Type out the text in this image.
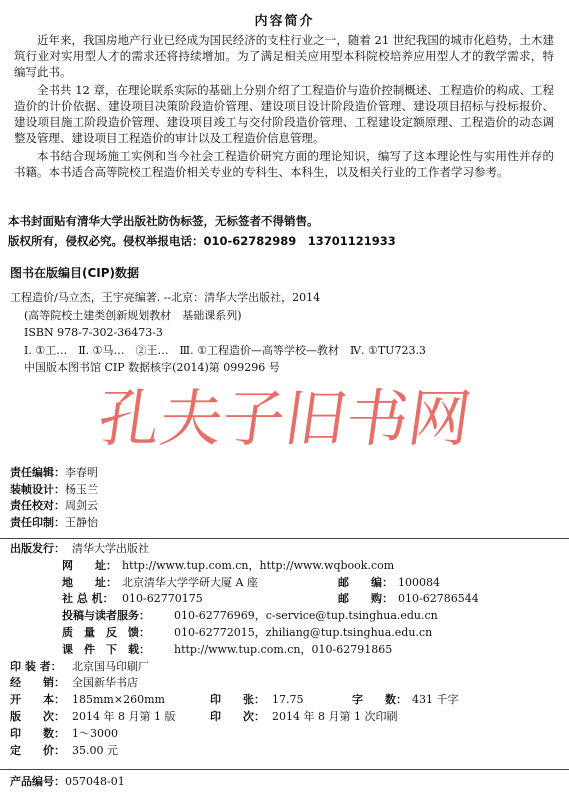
内容简介

近年来，我国房地产行业已经成为国民经济的支柱行业之一，随着 21 世纪我国的城市化趋势，土木建筑行业对实用型人才的需求还将持续增加。为了满足相关应用型本科院校培养应用型人才的教学需求，特编写此书。

全书共 12 章，在理论联系实际的基础上分别介绍了工程造价与造价控制概述、工程造价的构成、工程造价的计价依据、建设项目决策阶段造价管理、建设项目设计阶段造价管理、建设项目招标与投标报价、建设项目施工阶段造价管理、建设项目竣工与交付阶段造价管理、工程建设定额原理、工程造价的动态调整及管理、建设项目工程造价的审计以及工程造价信息管理。

本书结合现场施工实例和当今社会工程造价研究方面的理论知识，编写了这本理论性与实用性并存的书籍。本书适合高等院校工程造价相关专业的专科生、本科生，以及相关行业的工作者学习参考。

本书封面贴有清华大学出版社防伪标签，无标签者不得销售。
版权所有，侵权必究。侵权举报电话：010-62782989　13701121933
图书在版编目(CIP)数据
工程造价/马立杰，王宇亮编著. --北京：清华大学出版社，2014
(高等院校土建类创新规划教材　基础课系列)
ISBN 978-7-302-36473-3
Ⅰ. ①工…　Ⅱ. ①马…　②王…　Ⅲ. ①工程造价—高等学校—教材　Ⅳ. ①TU723.3
中国版本图书馆 CIP 数据核字(2014)第 099296 号
孔夫子旧书网
责任编辑：李春明
装帧设计：杨玉兰
责任校对：周剑云
责任印制：王静怡
出版发行： 清华大学出版社
网　　址： http://www.tup.com.cn，http://www.wqbook.com
地　　址： 北京清华大学学研大厦 A 座	邮　　编： 100084
社 总 机： 010-62770175	邮　　购： 010-62786544
投稿与读者服务： 010-62776969，c-service@tup.tsinghua.edu.cn
质　量　反　馈： 010-62772015，zhiliang@tup.tsinghua.edu.cn
课　件　下　载： http://www.tup.com.cn，010-62791865
印 装 者： 北京国马印刷厂
经　　销： 全国新华书店
开　　本： 185mm×260mm	印　　张： 17.75	字　　数： 431 千字
版　　次： 2014 年 8 月第 1 版	印　　次： 2014 年 8 月第 1 次印刷
印　　数： 1～3000
定　　价： 35.00 元
产品编号：057048-01
